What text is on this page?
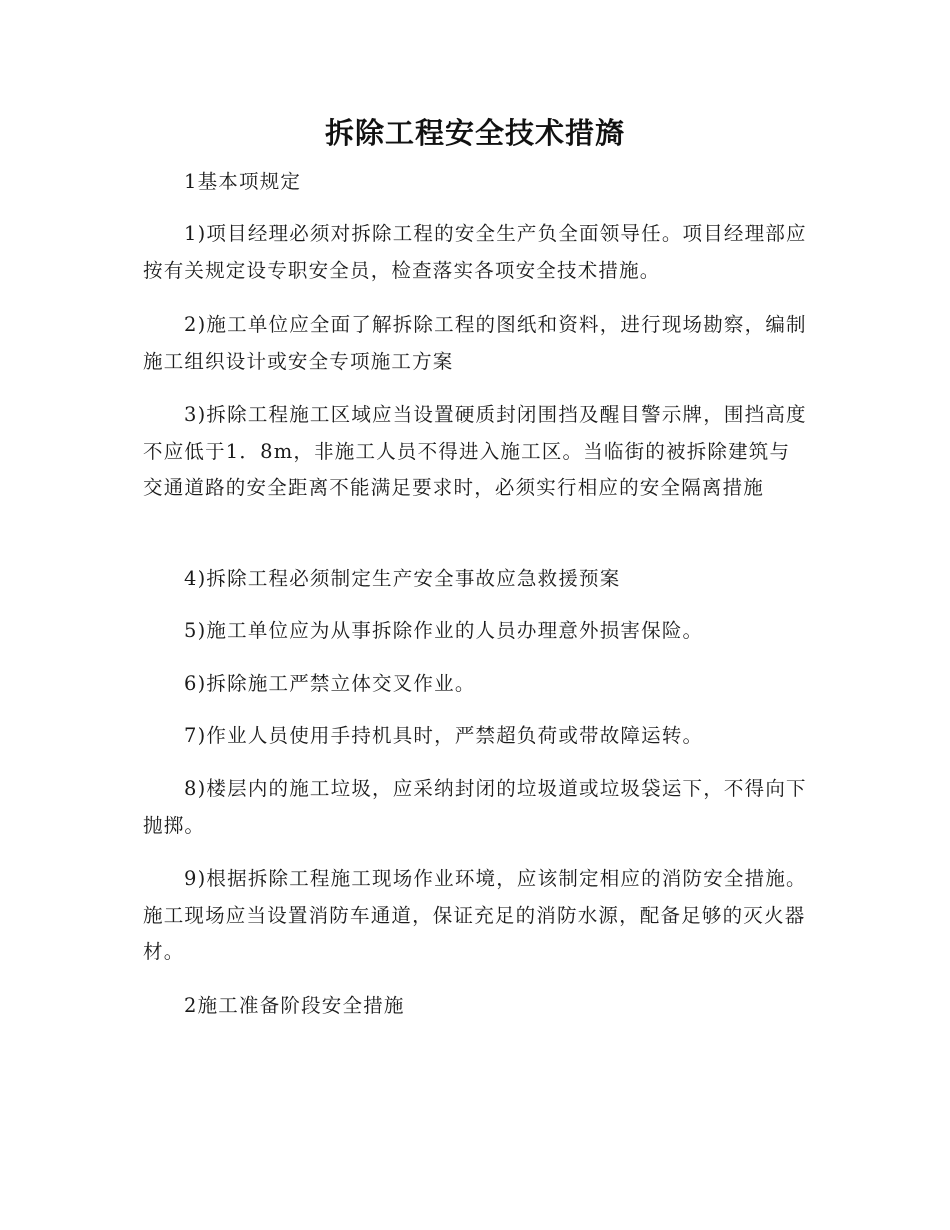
拆除工程安全技术措旖

1基本项规定

1)项目经理必须对拆除工程的安全生产负全面领导任。项目经理部应按有关规定设专职安全员，检查落实各项安全技术措施。

2)施工单位应全面了解拆除工程的图纸和资料，进行现场勘察，编制施工组织设计或安全专项施工方案

3)拆除工程施工区域应当设置硬质封闭围挡及醒目警示牌，围挡高度不应低于1．8m，非施工人员不得进入施工区。当临街的被拆除建筑与交通道路的安全距离不能满足要求时，必须实行相应的安全隔离措施

4)拆除工程必须制定生产安全事故应急救援预案

5)施工单位应为从事拆除作业的人员办理意外损害保险。

6)拆除施工严禁立体交叉作业。

7)作业人员使用手持机具时，严禁超负荷或带故障运转。

8)楼层内的施工垃圾，应采纳封闭的垃圾道或垃圾袋运下，不得向下抛掷。

9)根据拆除工程施工现场作业环境，应该制定相应的消防安全措施。施工现场应当设置消防车通道，保证充足的消防水源，配备足够的灭火器材。

2施工准备阶段安全措施
